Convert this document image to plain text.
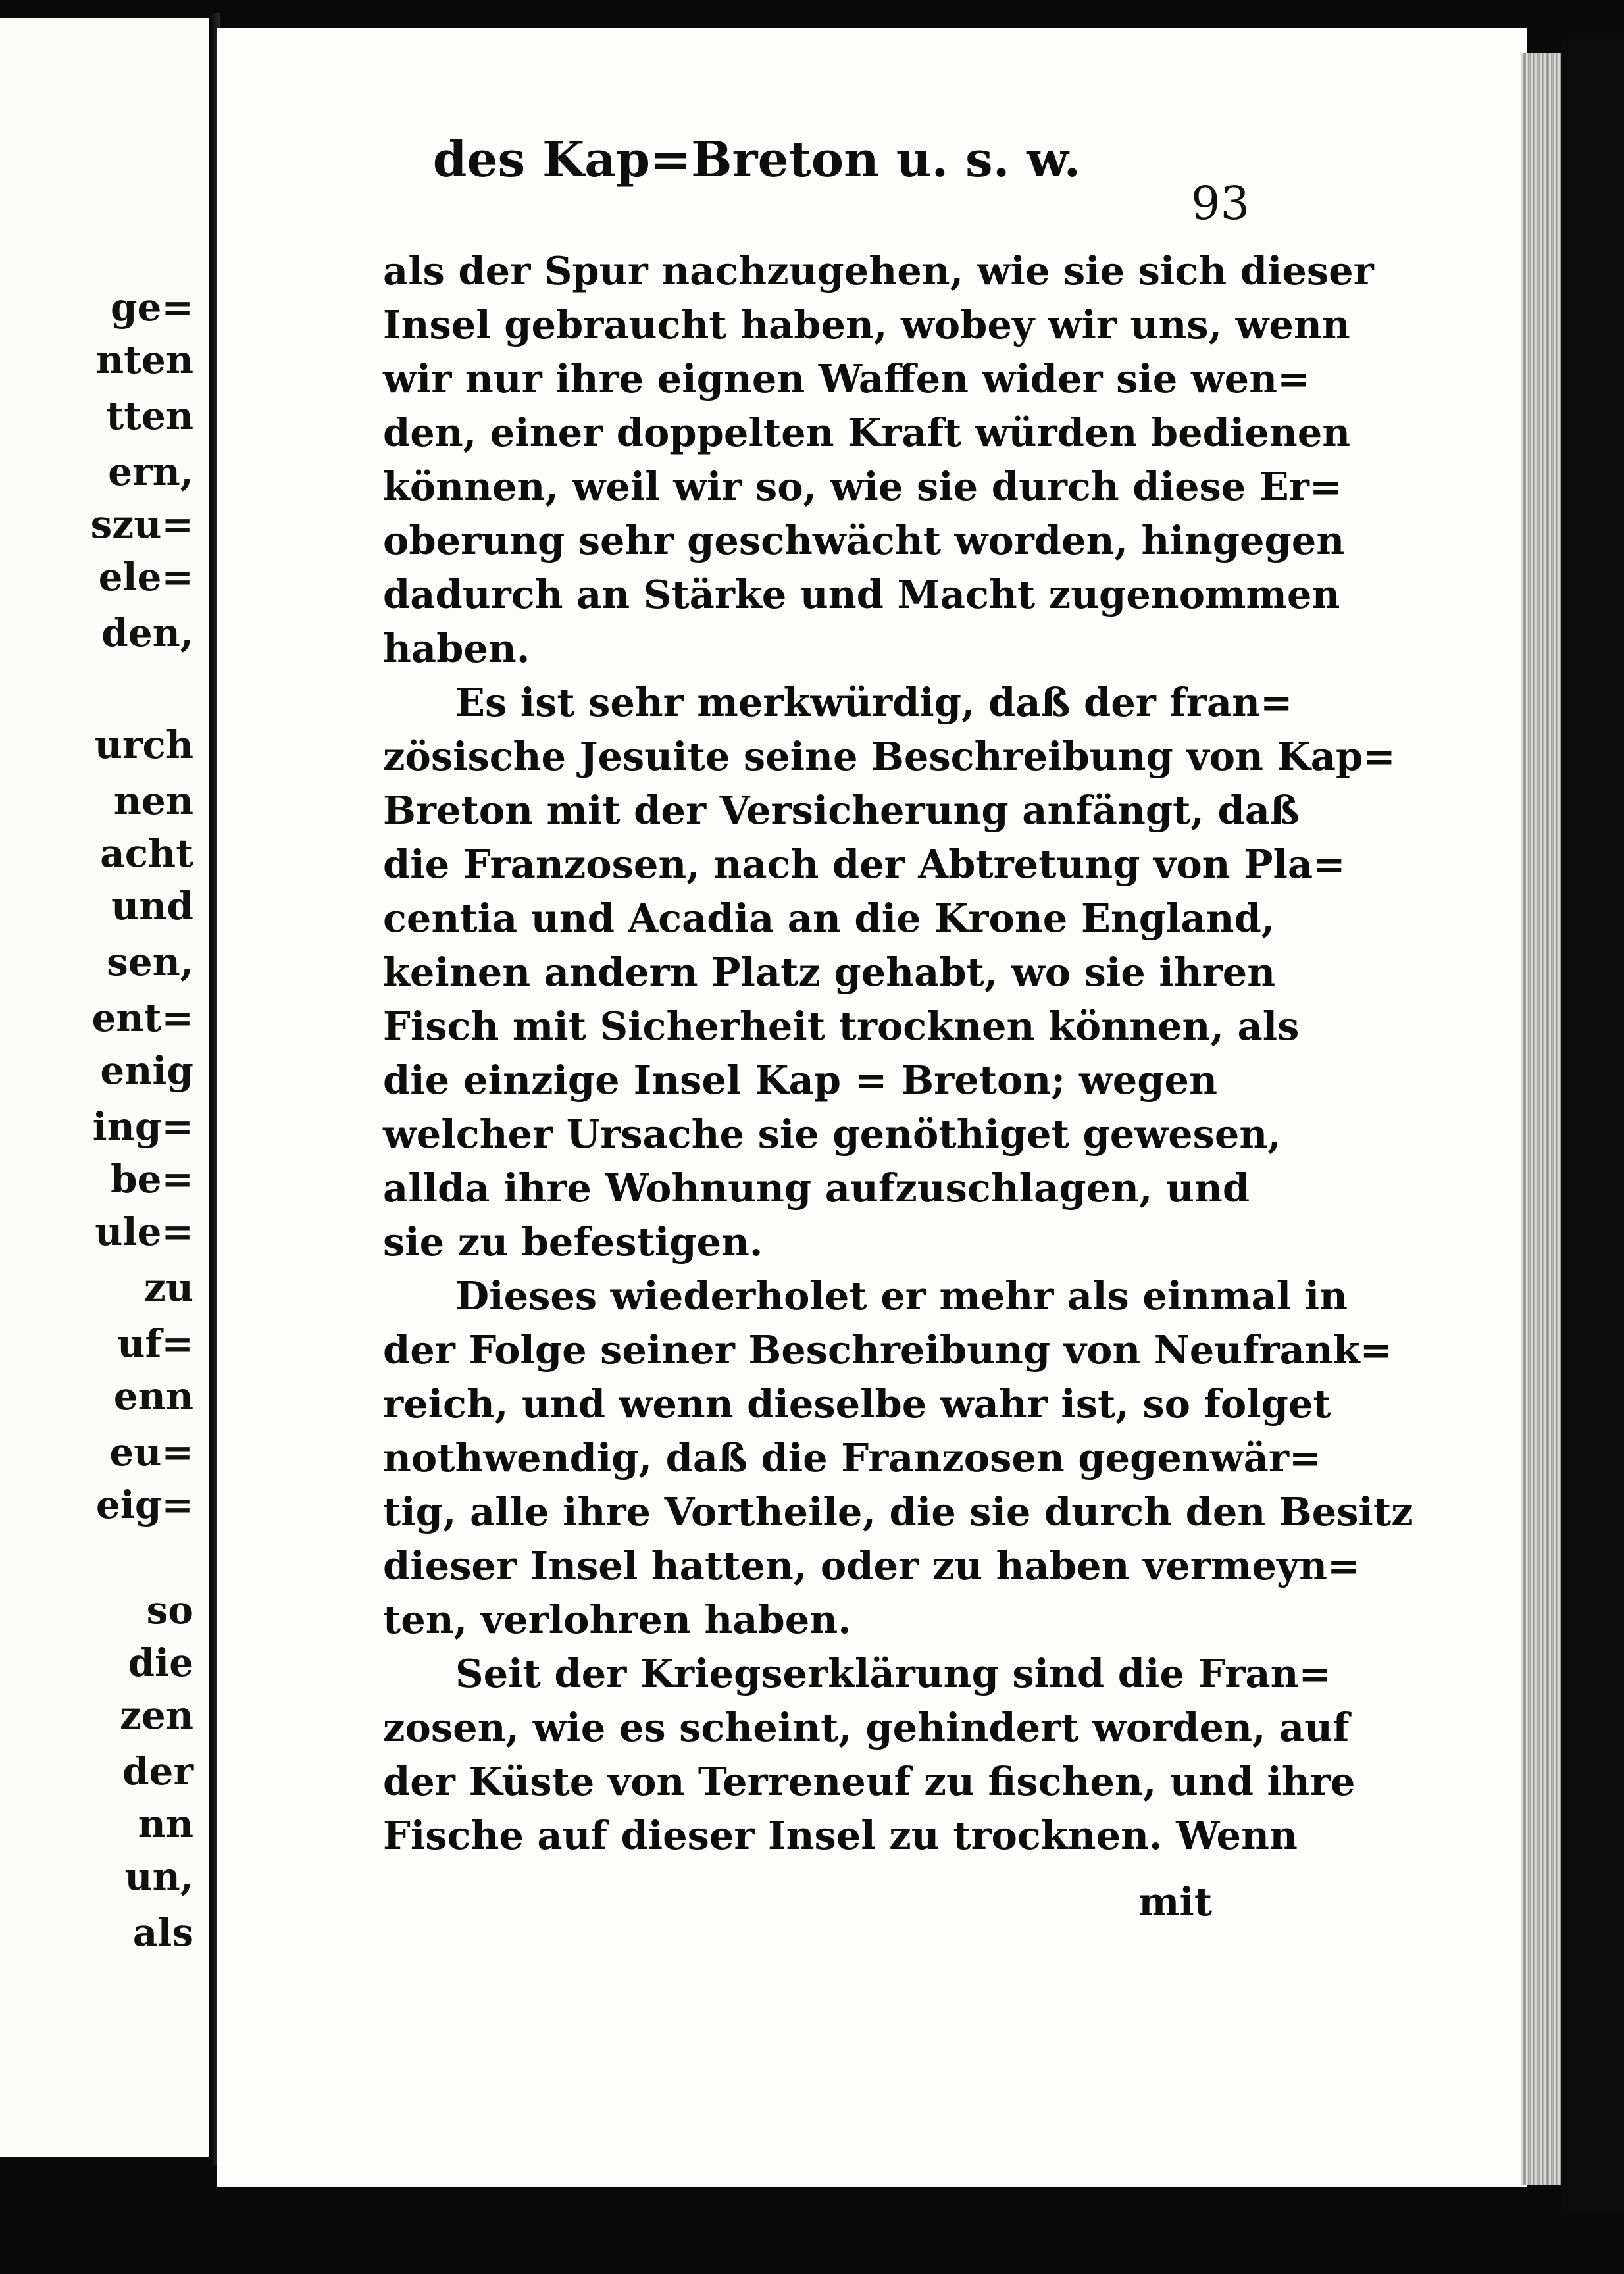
ge=
nten
tten
ern,
szu=
ele=
den,
urch
nen
acht
und
sen,
ent=
enig
ing=
be=
ule=
zu
uf=
enn
eu=
eig=
so
die
zen
der
nn
un,
als
des Kap=Breton u. s. w.
93
als der Spur nachzugehen, wie sie sich dieser
Insel gebraucht haben, wobey wir uns, wenn
wir nur ihre eignen Waffen wider sie wen=
den, einer doppelten Kraft würden bedienen
können, weil wir so, wie sie durch diese Er=
oberung sehr geschwächt worden, hingegen
dadurch an Stärke und Macht zugenommen
haben.
Es ist sehr merkwürdig, daß der fran=
zösische Jesuite seine Beschreibung von Kap=
Breton mit der Versicherung anfängt, daß
die Franzosen, nach der Abtretung von Pla=
centia und Acadia an die Krone England,
keinen andern Platz gehabt, wo sie ihren
Fisch mit Sicherheit trocknen können, als
die einzige Insel Kap = Breton; wegen
welcher Ursache sie genöthiget gewesen,
allda ihre Wohnung aufzuschlagen, und
sie zu befestigen.
Dieses wiederholet er mehr als einmal in
der Folge seiner Beschreibung von Neufrank=
reich, und wenn dieselbe wahr ist, so folget
nothwendig, daß die Franzosen gegenwär=
tig, alle ihre Vortheile, die sie durch den Besitz
dieser Insel hatten, oder zu haben vermeyn=
ten, verlohren haben.
Seit der Kriegserklärung sind die Fran=
zosen, wie es scheint, gehindert worden, auf
der Küste von Terreneuf zu fischen, und ihre
Fische auf dieser Insel zu trocknen. Wenn
mit
